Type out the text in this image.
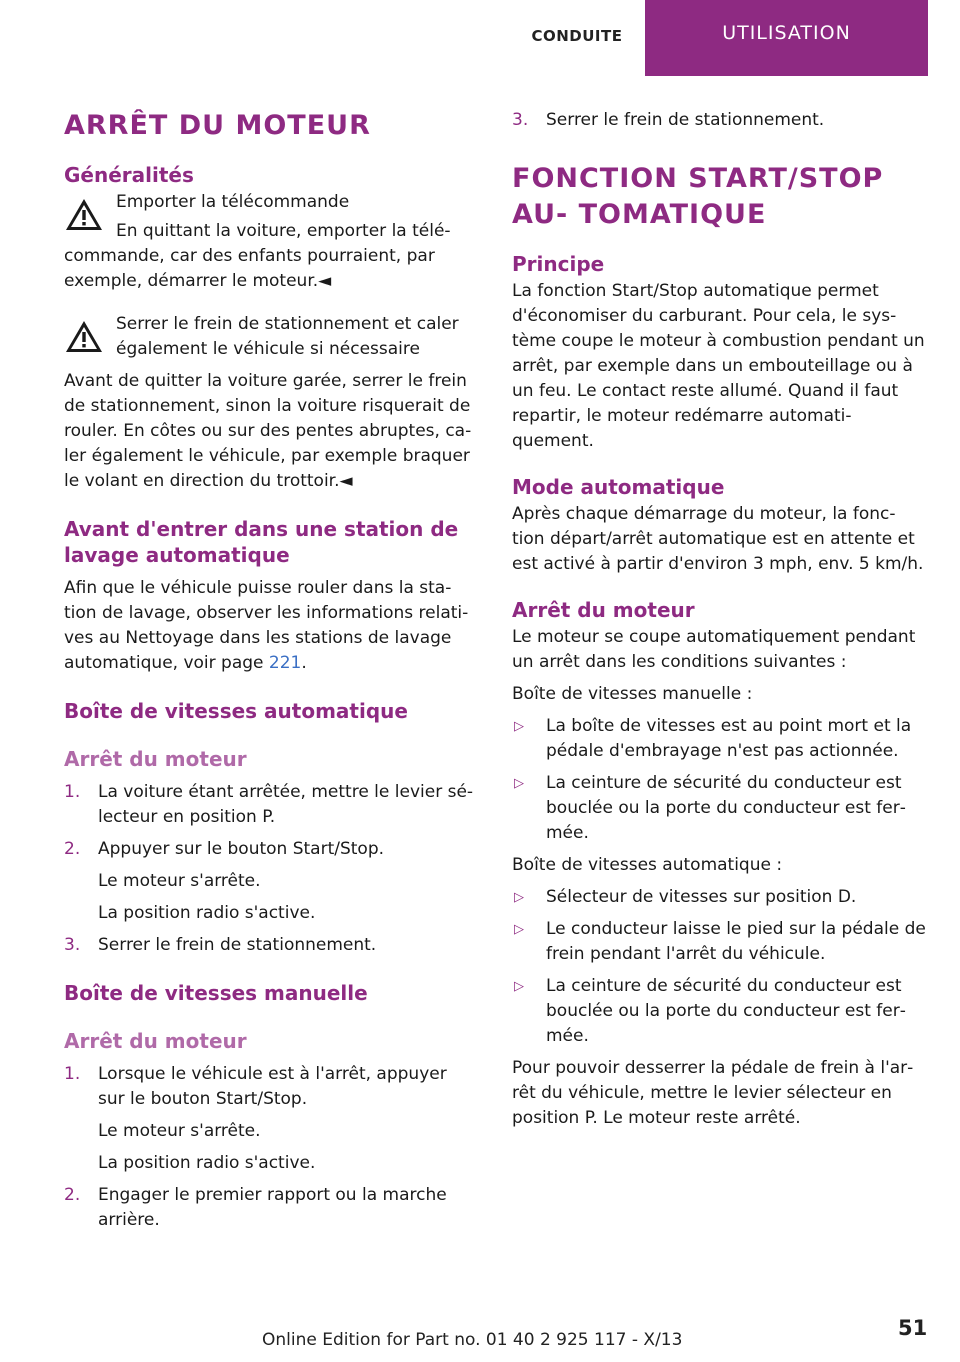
CONDUITE	UTILISATION
ARRÊT DU MOTEUR
Généralités
Emporter la télécommande
En quittant la voiture, emporter la télé‐
commande, car des enfants pourraient, par exemple, démarrer le moteur.◄
Serrer le frein de stationnement et caler également le véhicule si nécessaire
Avant de quitter la voiture garée, serrer le frein de stationnement, sinon la voiture risquerait de rouler. En côtes ou sur des pentes abruptes, ca‐ ler également le véhicule, par exemple braquer le volant en direction du trottoir.◄
Avant d'entrer dans une station de lavage automatique
Afin que le véhicule puisse rouler dans la sta‐ tion de lavage, observer les informations relati‐ ves au Nettoyage dans les stations de lavage automatique, voir page 221.
Boîte de vitesses automatique
Arrêt du moteur
1. La voiture étant arrêtée, mettre le levier sé‐ lecteur en position P.
2. Appuyer sur le bouton Start/Stop.
Le moteur s'arrête.
La position radio s'active.
3. Serrer le frein de stationnement.
Boîte de vitesses manuelle
Arrêt du moteur
1. Lorsque le véhicule est à l'arrêt, appuyer sur le bouton Start/Stop.
Le moteur s'arrête.
La position radio s'active.
2. Engager le premier rapport ou la marche arrière.
3. Serrer le frein de stationnement.
FONCTION START/STOP AU‐ TOMATIQUE
Principe
La fonction Start/Stop automatique permet d'économiser du carburant. Pour cela, le sys‐ tème coupe le moteur à combustion pendant un arrêt, par exemple dans un embouteillage ou à un feu. Le contact reste allumé. Quand il faut repartir, le moteur redémarre automati‐ quement.
Mode automatique
Après chaque démarrage du moteur, la fonc‐ tion départ/arrêt automatique est en attente et est activé à partir d'environ 3 mph, env. 5 km/h.
Arrêt du moteur
Le moteur se coupe automatiquement pendant un arrêt dans les conditions suivantes :
Boîte de vitesses manuelle :
▷ La boîte de vitesses est au point mort et la pédale d'embrayage n'est pas actionnée.
▷ La ceinture de sécurité du conducteur est bouclée ou la porte du conducteur est fer‐ mée.
Boîte de vitesses automatique :
▷ Sélecteur de vitesses sur position D.
▷ Le conducteur laisse le pied sur la pédale de frein pendant l'arrêt du véhicule.
▷ La ceinture de sécurité du conducteur est bouclée ou la porte du conducteur est fer‐ mée.
Pour pouvoir desserrer la pédale de frein à l'ar‐ rêt du véhicule, mettre le levier sélecteur en position P. Le moteur reste arrêté.
Online Edition for Part no. 01 40 2 925 117 - X/13	51
